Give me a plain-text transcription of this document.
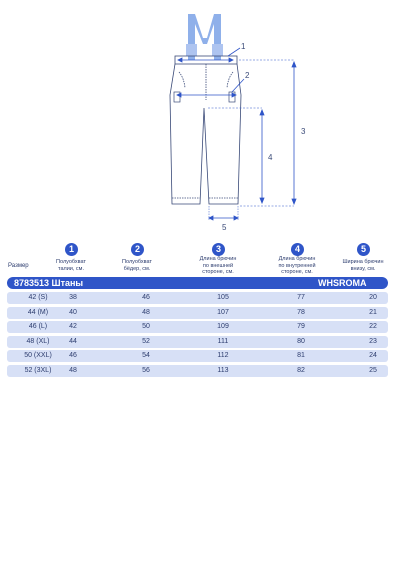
1
2
3
4
5
Размер
1	2	3	4	5
Полуобхват
талии, см.
Полуобхват
бёдер, см.
Длина брючин
по внешней
стороне, см.
Длина брючин
по внутренней
стороне, см.
Ширина брючин
внизу, см.
8783513 Штаны	WHSROMA
42 (S)	38	46	105	77	20
44 (M)	40	48	107	78	21
46 (L)	42	50	109	79	22
48 (XL)	44	52	111	80	23
50 (XXL)	46	54	112	81	24
52 (3XL)	48	56	113	82	25
